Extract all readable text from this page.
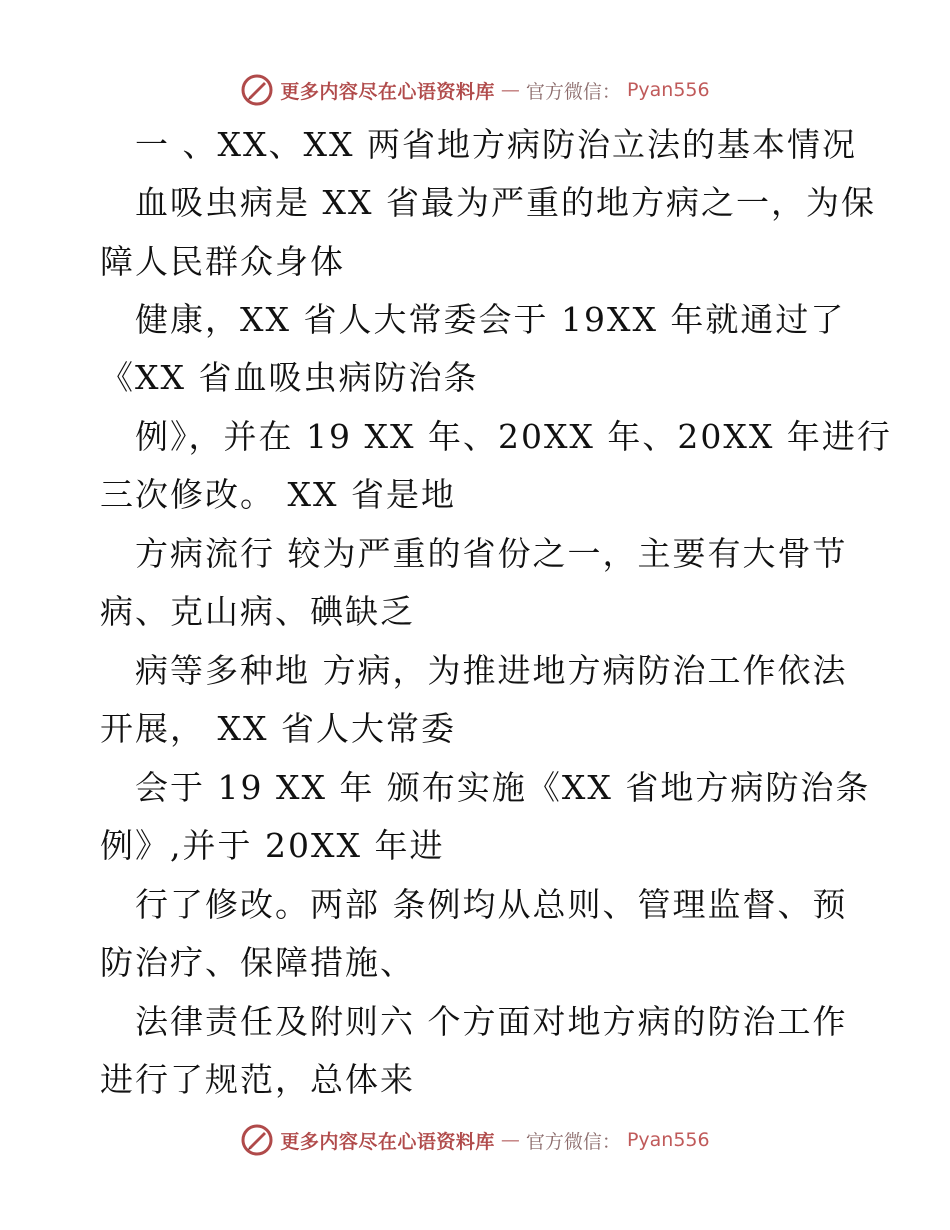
更多内容尽在心语资料库 — 官方微信： Pyan556
一 、XX、XX 两省地方病防治立法的基本情况
血吸虫病是 XX 省最为严重的地方病之一，为保
障人民群众身体
健康，XX 省人大常委会于 19XX 年就通过了
《XX 省血吸虫病防治条
例》，并在 19 XX 年、20XX 年、20XX 年进行
三次修改。 XX 省是地
方病流行 较为严重的省份之一，主要有大骨节
病、克山病、碘缺乏
病等多种地 方病，为推进地方病防治工作依法
开展， XX 省人大常委
会于 19 XX 年 颁布实施《XX 省地方病防治条
例》,并于 20XX 年进
行了修改。两部 条例均从总则、管理监督、预
防治疗、保障措施、
法律责任及附则六 个方面对地方病的防治工作
进行了规范，总体来
更多内容尽在心语资料库 — 官方微信： Pyan556
